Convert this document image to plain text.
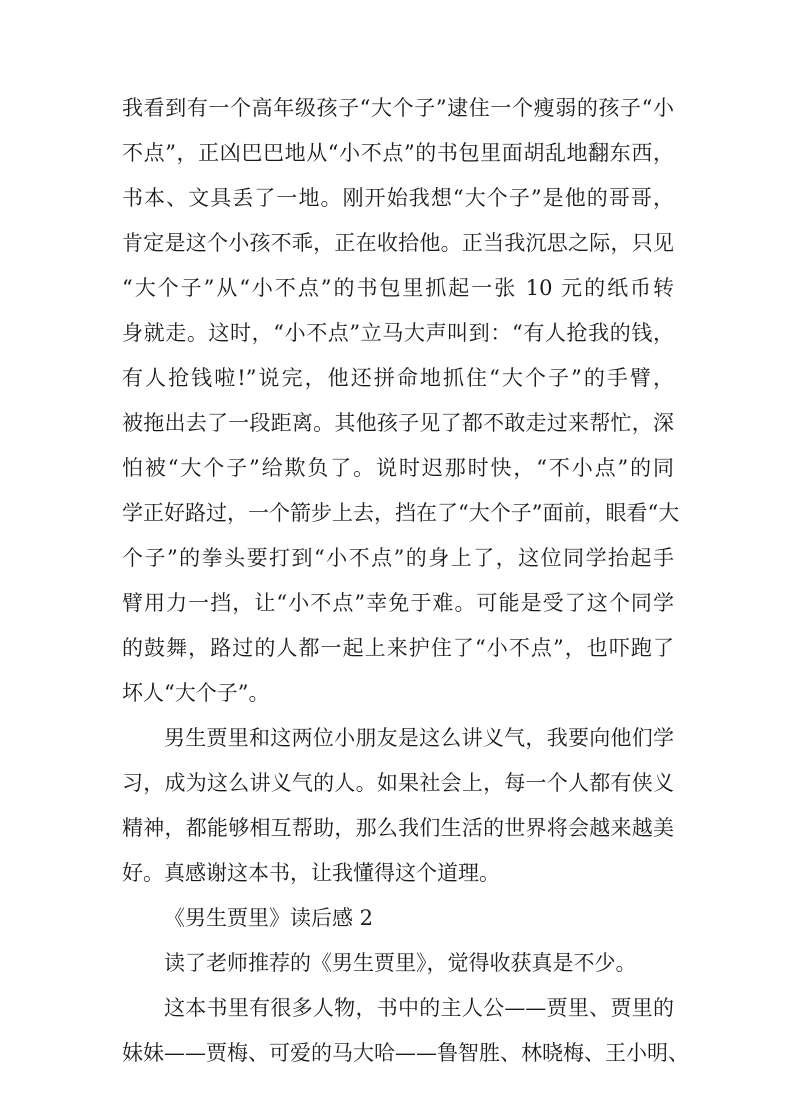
我看到有一个高年级孩子“大个子”逮住一个瘦弱的孩子“小
不点”，正凶巴巴地从“小不点”的书包里面胡乱地翻东西，
书本、文具丢了一地。刚开始我想“大个子”是他的哥哥，
肯定是这个小孩不乖，正在收拾他。正当我沉思之际，只见
“大个子”从“小不点”的书包里抓起一张 10 元的纸币转
身就走。这时，“小不点”立马大声叫到：“有人抢我的钱，
有人抢钱啦!”说完，他还拼命地抓住“大个子”的手臂，
被拖出去了一段距离。其他孩子见了都不敢走过来帮忙，深
怕被“大个子”给欺负了。说时迟那时快，“不小点”的同
学正好路过，一个箭步上去，挡在了“大个子”面前，眼看“大
个子”的拳头要打到“小不点”的身上了，这位同学抬起手
臂用力一挡，让“小不点”幸免于难。可能是受了这个同学
的鼓舞，路过的人都一起上来护住了“小不点”，也吓跑了
坏人“大个子”。
男生贾里和这两位小朋友是这么讲义气，我要向他们学
习，成为这么讲义气的人。如果社会上，每一个人都有侠义
精神，都能够相互帮助，那么我们生活的世界将会越来越美
好。真感谢这本书，让我懂得这个道理。
《男生贾里》读后感 2
读了老师推荐的《男生贾里》，觉得收获真是不少。
这本书里有很多人物，书中的主人公——贾里、贾里的
妹妹——贾梅、可爱的马大哈——鲁智胜、林晓梅、王小明、
